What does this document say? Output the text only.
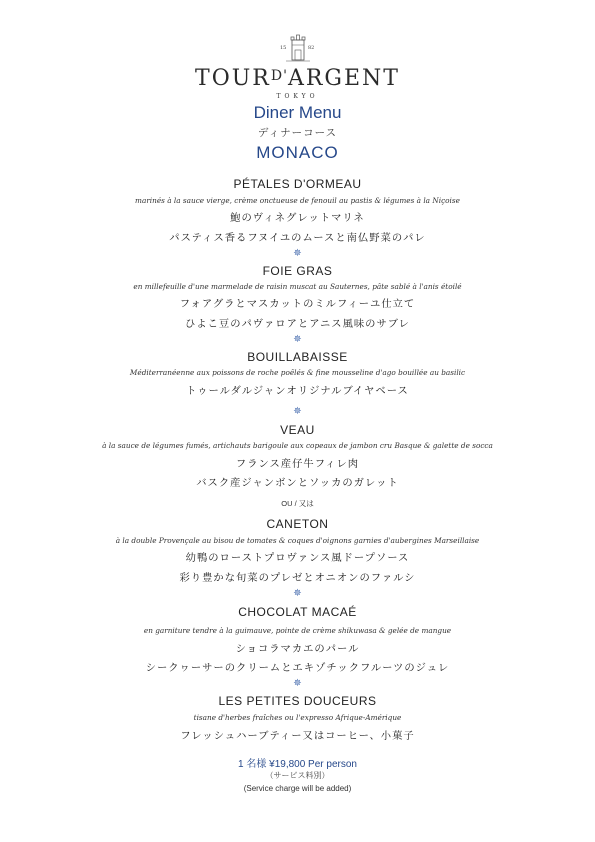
15	82
$TOUR^{D'}ARGENT$
TOKYO
Diner Menu
ディナーコース
MONACO
PÉTALES D'ORMEAU
marinés à la sauce vierge, crème onctueuse de fenouil au pastis & légumes à la Niçoise
鮑のヴィネグレットマリネ
パスティス香るフヌイユのムースと南仏野菜のパレ
✵
FOIE GRAS
en millefeuille d'une marmelade de raisin muscat au Sauternes, pâte sablé à l'anis étoilé
フォアグラとマスカットのミルフィーユ仕立て
ひよこ豆のパヴァロアとアニス風味のサブレ
✵
BOUILLABAISSE
Méditerranéenne aux poissons de roche poêlés & fine mousseline d'ago bouillée au basilic
トゥールダルジャンオリジナルブイヤベース
✵
VEAU
à la sauce de légumes fumés, artichauts barigoule aux copeaux de jambon cru Basque & galette de socca
フランス産仔牛フィレ肉
バスク産ジャンボンとソッカのガレット
OU / 又は
CANETON
à la double Provençale au bisou de tomates & coques d'oignons garnies d'aubergines Marseillaise
幼鴨のローストプロヴァンス風ドープソース
彩り豊かな旬菜のプレゼとオニオンのファルシ
✵
CHOCOLAT MACAÉ
en garniture tendre à la guimauve, pointe de crème shikuwasa & gelée de mangue
ショコラマカエのパール
シークヮーサーのクリームとエキゾチックフルーツのジュレ
✵
LES PETITES DOUCEURS
tisane d'herbes fraîches ou l'expresso Afrique-Amérique
フレッシュハーブティー又はコーヒー、小菓子
1 名様 ¥19,800 Per person
（サービス料別）
(Service charge will be added)
